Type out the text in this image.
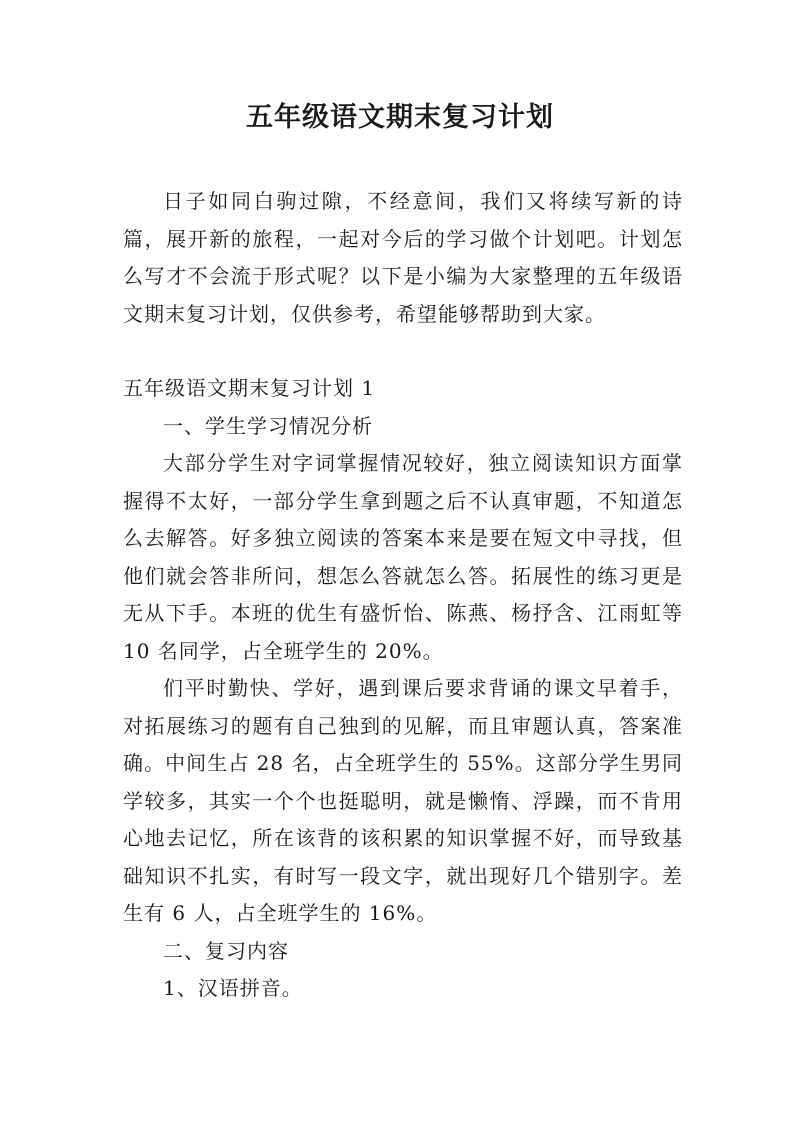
五年级语文期末复习计划

日子如同白驹过隙，不经意间，我们又将续写新的诗篇，展开新的旅程，一起对今后的学习做个计划吧。计划怎么写才不会流于形式呢？以下是小编为大家整理的五年级语文期末复习计划，仅供参考，希望能够帮助到大家。

五年级语文期末复习计划 1

一、学生学习情况分析

大部分学生对字词掌握情况较好，独立阅读知识方面掌握得不太好，一部分学生拿到题之后不认真审题，不知道怎么去解答。好多独立阅读的答案本来是要在短文中寻找，但他们就会答非所问，想怎么答就怎么答。拓展性的练习更是无从下手。本班的优生有盛忻怡、陈燕、杨抒含、江雨虹等 10 名同学，占全班学生的 20%。

们平时勤快、学好，遇到课后要求背诵的课文早着手，对拓展练习的题有自己独到的见解，而且审题认真，答案准确。中间生占 28 名，占全班学生的 55%。这部分学生男同学较多，其实一个个也挺聪明，就是懒惰、浮躁，而不肯用心地去记忆，所在该背的该积累的知识掌握不好，而导致基础知识不扎实，有时写一段文字，就出现好几个错别字。差生有 6 人，占全班学生的 16%。

二、复习内容

1、汉语拼音。
